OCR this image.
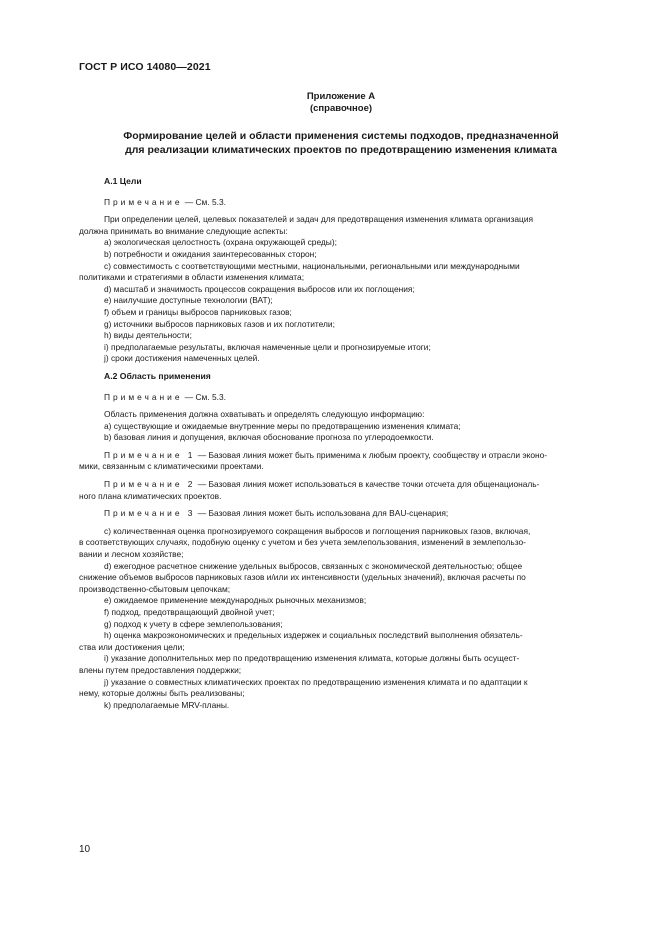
ГОСТ Р ИСО 14080—2021
Приложение А
(справочное)
Формирование целей и области применения системы подходов, предназначенной
для реализации климатических проектов по предотвращению изменения климата

А.1 Цели

Примечание — См. 5.3.

При определении целей, целевых показателей и задач для предотвращения изменения климата организация

должна принимать во внимание следующие аспекты:

а) экологическая целостность (охрана окружающей среды);

b) потребности и ожидания заинтересованных сторон;

c) совместимость с соответствующими местными, национальными, региональными или международными

политиками и стратегиями в области изменения климата;

d) масштаб и значимость процессов сокращения выбросов или их поглощения;

е) наилучшие доступные технологии (ВАТ);

f) объем и границы выбросов парниковых газов;

g) источники выбросов парниковых газов и их поглотители;

h) виды деятельности;

i) предполагаемые результаты, включая намеченные цели и прогнозируемые итоги;

j) сроки достижения намеченных целей.

А.2 Область применения

Примечание — См. 5.3.

Область применения должна охватывать и определять следующую информацию:

а) существующие и ожидаемые внутренние меры по предотвращению изменения климата;

b) базовая линия и допущения, включая обоснование прогноза по углеродоемкости.

Примечание 1 — Базовая линия может быть применима к любым проекту, сообществу и отрасли эконо-

мики, связанным с климатическими проектами.

Примечание 2 — Базовая линия может использоваться в качестве точки отсчета для общенациональ-

ного плана климатических проектов.

Примечание 3 — Базовая линия может быть использована для BAU-сценария;

c) количественная оценка прогнозируемого сокращения выбросов и поглощения парниковых газов, включая,

в соответствующих случаях, подобную оценку с учетом и без учета землепользования, изменений в землепользо-

вании и лесном хозяйстве;

d) ежегодное расчетное снижение удельных выбросов, связанных с экономической деятельностью; общее

снижение объемов выбросов парниковых газов и/или их интенсивности (удельных значений), включая расчеты по

производственно-сбытовым цепочкам;

е) ожидаемое применение международных рыночных механизмов;

f) подход, предотвращающий двойной учет;

g) подход к учету в сфере землепользования;

h) оценка макроэкономических и предельных издержек и социальных последствий выполнения обязатель-

ства или достижения цели;

i) указание дополнительных мер по предотвращению изменения климата, которые должны быть осущест-

влены путем предоставления поддержки;

j) указание о совместных климатических проектах по предотвращению изменения климата и по адаптации к

нему, которые должны быть реализованы;

k) предполагаемые MRV-планы.

10
